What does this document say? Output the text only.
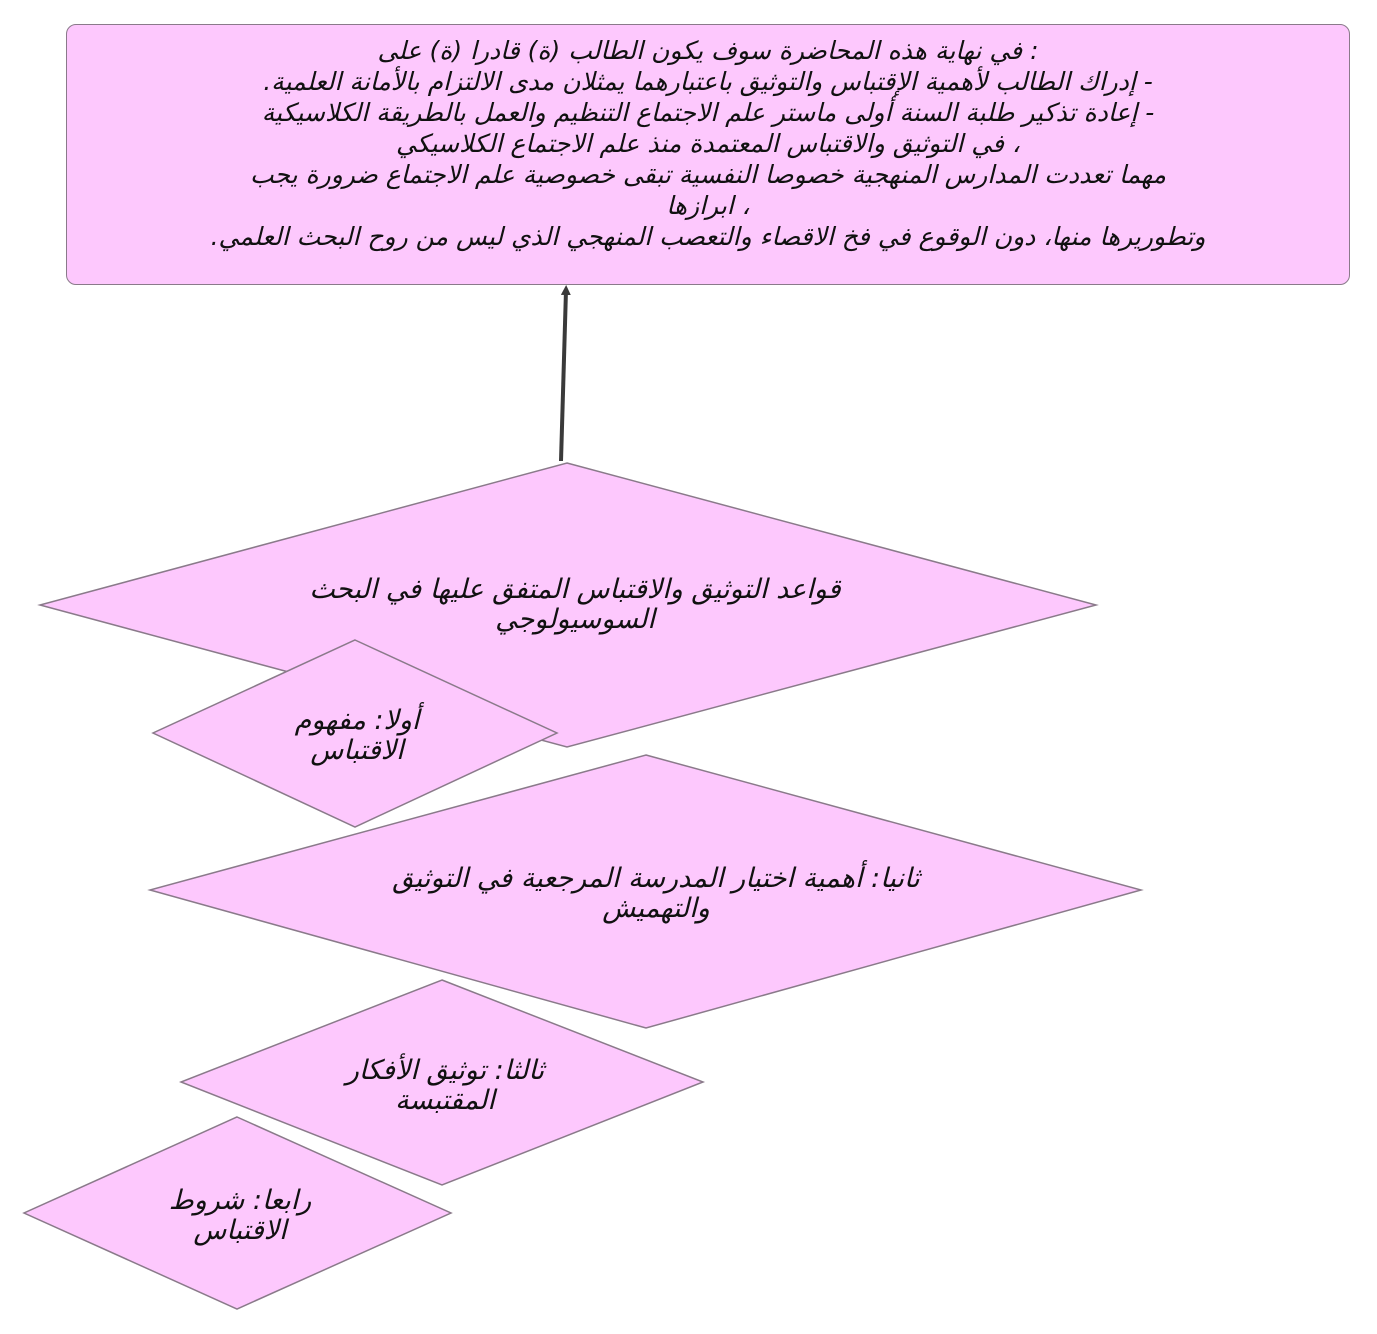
: في نهاية هذه المحاضرة سوف يكون الطالب (ة) قادرا (ة) على
- إدراك الطالب لأهمية الإقتباس والتوثيق باعتبارهما يمثلان مدى الالتزام بالأمانة العلمية.
- إعادة تذكير طلبة السنة أولى ماستر علم الاجتماع التنظيم والعمل بالطريقة الكلاسيكية
، في التوثيق والاقتباس المعتمدة منذ علم الاجتماع الكلاسيكي
مهما تعددت المدارس المنهجية خصوصا النفسية تبقى خصوصية علم الاجتماع ضرورة يجب
، ابرازها
وتطوريرها منها، دون الوقوع في فخ الاقصاء والتعصب المنهجي الذي ليس من روح البحث العلمي.
قواعد التوثيق والاقتباس المتفق عليها في البحث السوسيولوجي
أولا: مفهوم الاقتباس
ثانيا: أهمية اختيار المدرسة المرجعية في التوثيق والتهميش
ثالثا: توثيق الأفكار المقتبسة
رابعا: شروط الاقتباس
